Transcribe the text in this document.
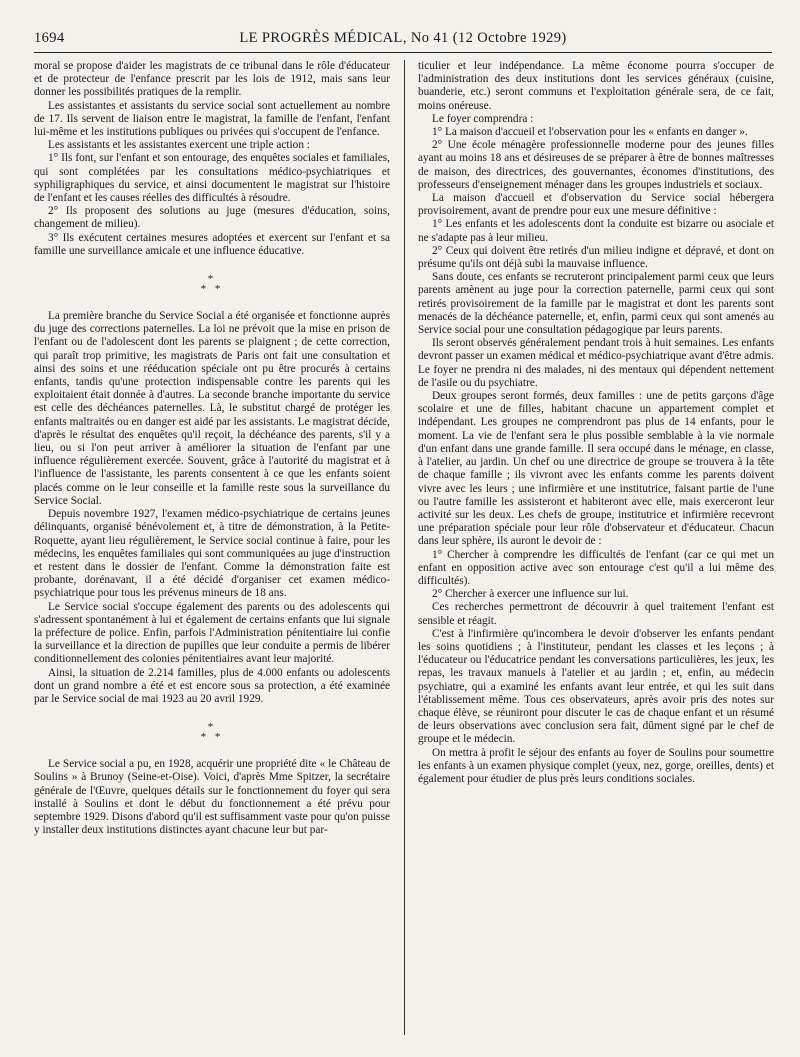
1694	LE PROGRÈS MÉDICAL, No 41 (12 Octobre 1929)

moral se propose d'aider les magistrats de ce tribunal dans le rôle d'éducateur et de protecteur de l'enfance prescrit par les lois de 1912, mais sans leur donner les possibilités pratiques de la remplir.

Les assistantes et assistants du service social sont actuellement au nombre de 17. Ils servent de liaison entre le magistrat, la famille de l'enfant, l'enfant lui-même et les institutions publiques ou privées qui s'occupent de l'enfance.

Les assistants et les assistantes exercent une triple action :

1° Ils font, sur l'enfant et son entourage, des enquêtes sociales et familiales, qui sont complétées par les consultations médico-psychiatriques et syphiligraphiques du service, et ainsi documentent le magistrat sur l'histoire de l'enfant et les causes réelles des difficultés à résoudre.

2° Ils proposent des solutions au juge (mesures d'éducation, soins, changement de milieu).

3° Ils exécutent certaines mesures adoptées et exercent sur l'enfant et sa famille une surveillance amicale et une influence éducative.

*
* *

La première branche du Service Social a été organisée et fonctionne auprès du juge des corrections paternelles. La loi ne prévoit que la mise en prison de l'enfant ou de l'adolescent dont les parents se plaignent ; de cette correction, qui paraît trop primitive, les magistrats de Paris ont fait une consultation et ainsi des soins et une rééducation spéciale ont pu être procurés à certains enfants, tandis qu'une protection indispensable contre les parents qui les exploitaient était donnée à d'autres. La seconde branche importante du service est celle des déchéances paternelles. Là, le substitut chargé de protéger les enfants maltraités ou en danger est aidé par les assistants. Le magistrat décide, d'après le résultat des enquêtes qu'il reçoit, la déchéance des parents, s'il y a lieu, ou si l'on peut arriver à améliorer la situation de l'enfant par une influence régulièrement exercée. Souvent, grâce à l'autorité du magistrat et à l'influence de l'assistante, les parents consentent à ce que les enfants soient placés comme on le leur conseille et la famille reste sous la surveillance du Service Social.

Depuis novembre 1927, l'examen médico-psychiatrique de certains jeunes délinquants, organisé bénévolement et, à titre de démonstration, à la Petite-Roquette, ayant lieu régulièrement, le Service social continue à faire, pour les médecins, les enquêtes familiales qui sont communiquées au juge d'instruction et restent dans le dossier de l'enfant. Comme la démonstration faite est probante, dorénavant, il a été décidé d'organiser cet examen médico-psychiatrique pour tous les prévenus mineurs de 18 ans.

Le Service social s'occupe également des parents ou des adolescents qui s'adressent spontanément à lui et également de certains enfants que lui signale la préfecture de police. Enfin, parfois l'Administration pénitentiaire lui confie la surveillance et la direction de pupilles que leur conduite a permis de libérer conditionnellement des colonies pénitentiaires avant leur majorité.

Ainsi, la situation de 2.214 familles, plus de 4.000 enfants ou adolescents dont un grand nombre a été et est encore sous sa protection, a été examinée par le Service social de mai 1923 au 20 avril 1929.

*
* *

Le Service social a pu, en 1928, acquérir une propriété dite « le Château de Soulins » à Brunoy (Seine-et-Oise). Voici, d'après Mme Spitzer, la secrétaire générale de l'Œuvre, quelques détails sur le fonctionnement du foyer qui sera installé à Soulins et dont le début du fonctionnement a été prévu pour septembre 1929. Disons d'abord qu'il est suffisamment vaste pour qu'on puisse y installer deux institutions distinctes ayant chacune leur but par-

ticulier et leur indépendance. La même économe pourra s'occuper de l'administration des deux institutions dont les services généraux (cuisine, buanderie, etc.) seront communs et l'exploitation générale sera, de ce fait, moins onéreuse.

Le foyer comprendra :

1° La maison d'accueil et l'observation pour les « enfants en danger ».

2° Une école ménagère professionnelle moderne pour des jeunes filles ayant au moins 18 ans et désireuses de se préparer à être de bonnes maîtresses de maison, des directrices, des gouvernantes, économes d'institutions, des professeurs d'enseignement ménager dans les groupes industriels et sociaux.

La maison d'accueil et d'observation du Service social hébergera provisoirement, avant de prendre pour eux une mesure définitive :

1° Les enfants et les adolescents dont la conduite est bizarre ou asociale et ne s'adapte pas à leur milieu.

2° Ceux qui doivent être retirés d'un milieu indigne et dépravé, et dont on présume qu'ils ont déjà subi la mauvaise influence.

Sans doute, ces enfants se recruteront principalement parmi ceux que leurs parents amènent au juge pour la correction paternelle, parmi ceux qui sont retirés provisoirement de la famille par le magistrat et dont les parents sont menacés de la déchéance paternelle, et, enfin, parmi ceux qui sont amenés au Service social pour une consultation pédagogique par leurs parents.

Ils seront observés généralement pendant trois à huit semaines. Les enfants devront passer un examen médical et médico-psychiatrique avant d'être admis. Le foyer ne prendra ni des malades, ni des mentaux qui dépendent nettement de l'asile ou du psychiatre.

Deux groupes seront formés, deux familles : une de petits garçons d'âge scolaire et une de filles, habitant chacune un appartement complet et indépendant. Les groupes ne comprendront pas plus de 14 enfants, pour le moment. La vie de l'enfant sera le plus possible semblable à la vie normale d'un enfant dans une grande famille. Il sera occupé dans le ménage, en classe, à l'atelier, au jardin. Un chef ou une directrice de groupe se trouvera à la tête de chaque famille ; ils vivront avec les enfants comme les parents doivent vivre avec les leurs ; une infirmière et une institutrice, faisant partie de l'une ou l'autre famille les assisteront et habiteront avec elle, mais exerceront leur activité sur les deux. Les chefs de groupe, institutrice et infirmière recevront une préparation spéciale pour leur rôle d'observateur et d'éducateur. Chacun dans leur sphère, ils auront le devoir de :

1° Chercher à comprendre les difficultés de l'enfant (car ce qui met un enfant en opposition active avec son entourage c'est qu'il a lui même des difficultés).

2° Chercher à exercer une influence sur lui.

Ces recherches permettront de découvrir à quel traitement l'enfant est sensible et réagit.

C'est à l'infirmière qu'incombera le devoir d'observer les enfants pendant les soins quotidiens ; à l'instituteur, pendant les classes et les leçons ; à l'éducateur ou l'éducatrice pendant les conversations particulières, les jeux, les repas, les travaux manuels à l'atelier et au jardin ; et, enfin, au médecin psychiatre, qui a examiné les enfants avant leur entrée, et qui les suit dans l'établissement même. Tous ces observateurs, après avoir pris des notes sur chaque élève, se réuniront pour discuter le cas de chaque enfant et un résumé de leurs observations avec conclusion sera fait, dûment signé par le chef de groupe et le médecin.

On mettra à profit le séjour des enfants au foyer de Soulins pour soumettre les enfants à un examen physique complet (yeux, nez, gorge, oreilles, dents) et également pour étudier de plus près leurs conditions sociales.
